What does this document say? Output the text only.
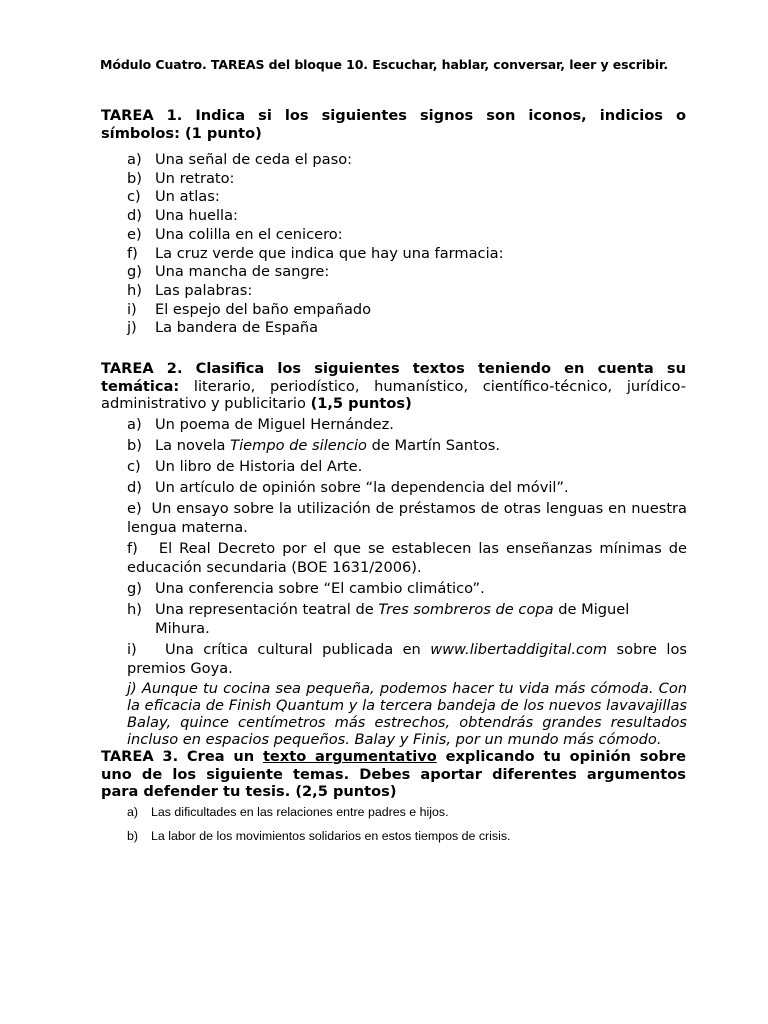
Módulo Cuatro. TAREAS del bloque 10. Escuchar, hablar, conversar, leer y escribir.
TAREA 1. Indica si los siguientes signos son iconos, indicios o símbolos: (1 punto)
a) Una señal de ceda el paso:
b) Un retrato:
c) Un atlas:
d) Una huella:
e) Una colilla en el cenicero:
f)	La cruz verde que indica que hay una farmacia:
g) Una mancha de sangre:
h) Las palabras:
i)	El espejo del baño empañado
j)	La bandera de España
TAREA 2. Clasifica los siguientes textos teniendo en cuenta su temática: literario, periodístico, humanístico, científico-técnico, jurídico-administrativo y publicitario (1,5 puntos)
a) Un poema de Miguel Hernández.
b) La novela Tiempo de silencio de Martín Santos.
c) Un libro de Historia del Arte.
d) Un artículo de opinión sobre “la dependencia del móvil”.
e)  Un ensayo sobre la utilización de préstamos de otras lenguas en nuestra lengua materna.
f)   El Real Decreto por el que se establecen las enseñanzas mínimas de educación secundaria (BOE 1631/2006).
g) Una conferencia sobre “El cambio climático”.
h) Una representación teatral de Tres sombreros de copa de Miguel Mihura.
i)   Una crítica cultural publicada en www.libertaddigital.com sobre los premios Goya.
j) Aunque tu cocina sea pequeña, podemos hacer tu vida más cómoda. Con la eficacia de Finish Quantum y la tercera bandeja de los nuevos lavavajillas Balay, quince centímetros más estrechos, obtendrás grandes resultados incluso en espacios pequeños. Balay y Finis, por un mundo más cómodo.
TAREA 3. Crea un texto argumentativo explicando tu opinión sobre uno de los siguiente temas. Debes aportar diferentes argumentos para defender tu tesis. (2,5 puntos)
a)	Las dificultades en las relaciones entre padres e hijos.
b)	La labor de los movimientos solidarios en estos tiempos de crisis.
